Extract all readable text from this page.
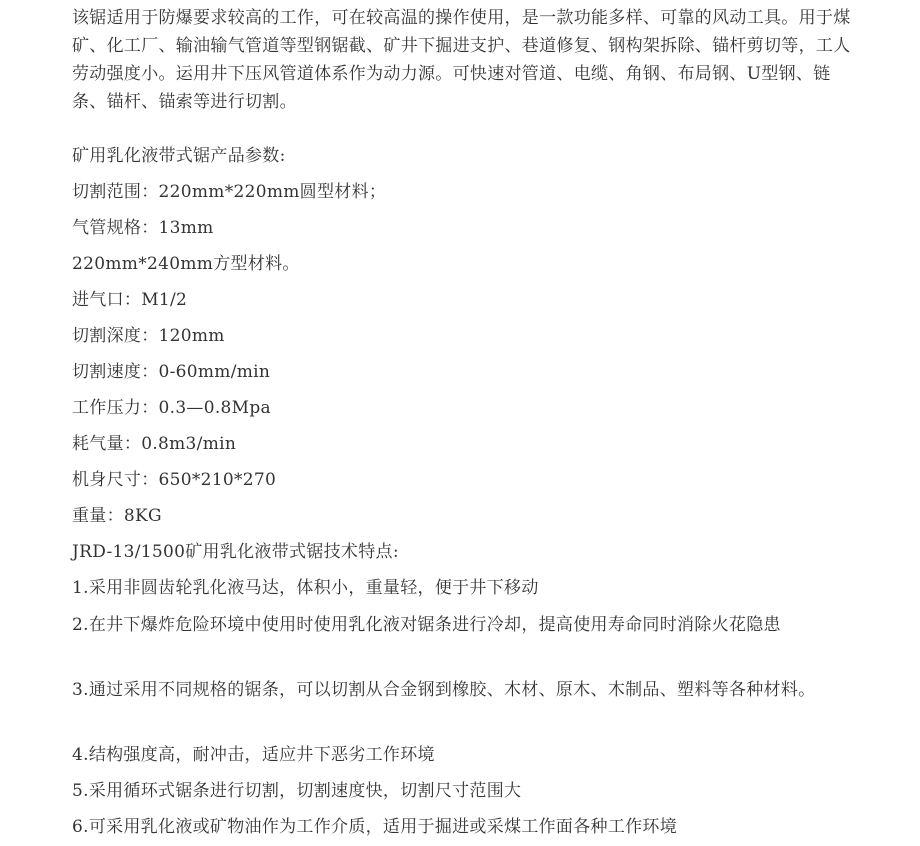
该锯适用于防爆要求较高的工作，可在较高温的操作使用，是一款功能多样、可靠的风动工具。用于煤矿、化工厂、输油输气管道等型钢锯截、矿井下掘进支护、巷道修复、钢构架拆除、锚杆剪切等，工人劳动强度小。运用井下压风管道体系作为动力源。可快速对管道、电缆、角钢、布局钢、U型钢、链条、锚杆、锚索等进行切割。

矿用乳化液带式锯产品参数:

切割范围：220mm*220mm圆型材料；

气管规格：13mm

220mm*240mm方型材料。

进气口：M1/2

切割深度：120mm

切割速度：0-60mm/min

工作压力：0.3—0.8Mpa

耗气量：0.8m3/min

机身尺寸：650*210*270

重量：8KG

JRD-13/1500矿用乳化液带式锯技术特点:

1.采用非圆齿轮乳化液马达，体积小，重量轻，便于井下移动

2.在井下爆炸危险环境中使用时使用乳化液对锯条进行冷却，提高使用寿命同时消除火花隐患

3.通过采用不同规格的锯条，可以切割从合金钢到橡胶、木材、原木、木制品、塑料等各种材料。

4.结构强度高，耐冲击，适应井下恶劣工作环境

5.采用循环式锯条进行切割，切割速度快，切割尺寸范围大

6.可采用乳化液或矿物油作为工作介质，适用于掘进或采煤工作面各种工作环境
